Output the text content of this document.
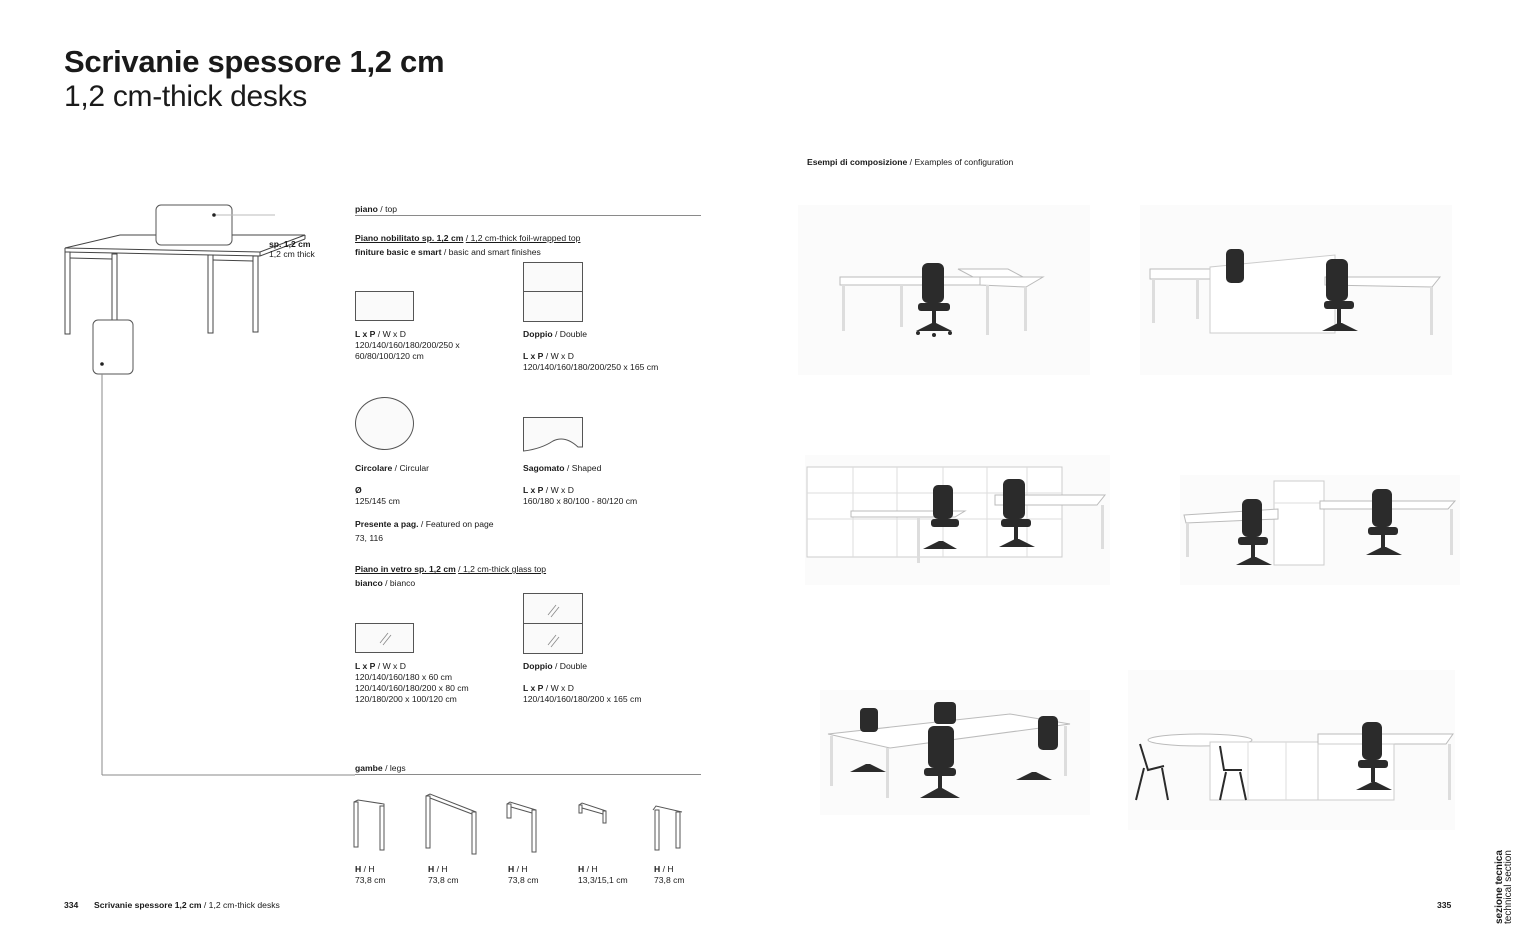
Scrivanie spessore 1,2 cm
1,2 cm-thick desks
sp. 1,2 cm
1,2 cm thick
piano / top
Piano nobilitato sp. 1,2 cm / 1,2 cm-thick foil-wrapped top
finiture basic e smart / basic and smart finishes
L x P / W x D
120/140/160/180/200/250 x
60/80/100/120 cm
Doppio / Double
L x P / W x D
120/140/160/180/200/250 x 165 cm
Circolare / Circular
Ø
125/145 cm
Sagomato / Shaped
L x P / W x D
160/180 x 80/100 - 80/120 cm
Presente a pag. / Featured on page
73, 116
Piano in vetro sp. 1,2 cm / 1,2 cm-thick glass top
bianco / bianco
L x P / W x D
120/140/160/180 x 60 cm
120/140/160/180/200 x 80 cm
120/180/200 x 100/120 cm
Doppio / Double
L x P / W x D
120/140/160/180/200 x 165 cm
gambe / legs
H / H
73,8 cm
H / H
73,8 cm
H / H
73,8 cm
H / H
13,3/15,1 cm
H / H
73,8 cm
Esempi di composizione / Examples of configuration
334 Scrivanie spessore 1,2 cm / 1,2 cm-thick desks	335	sezione tecnica
technical section
